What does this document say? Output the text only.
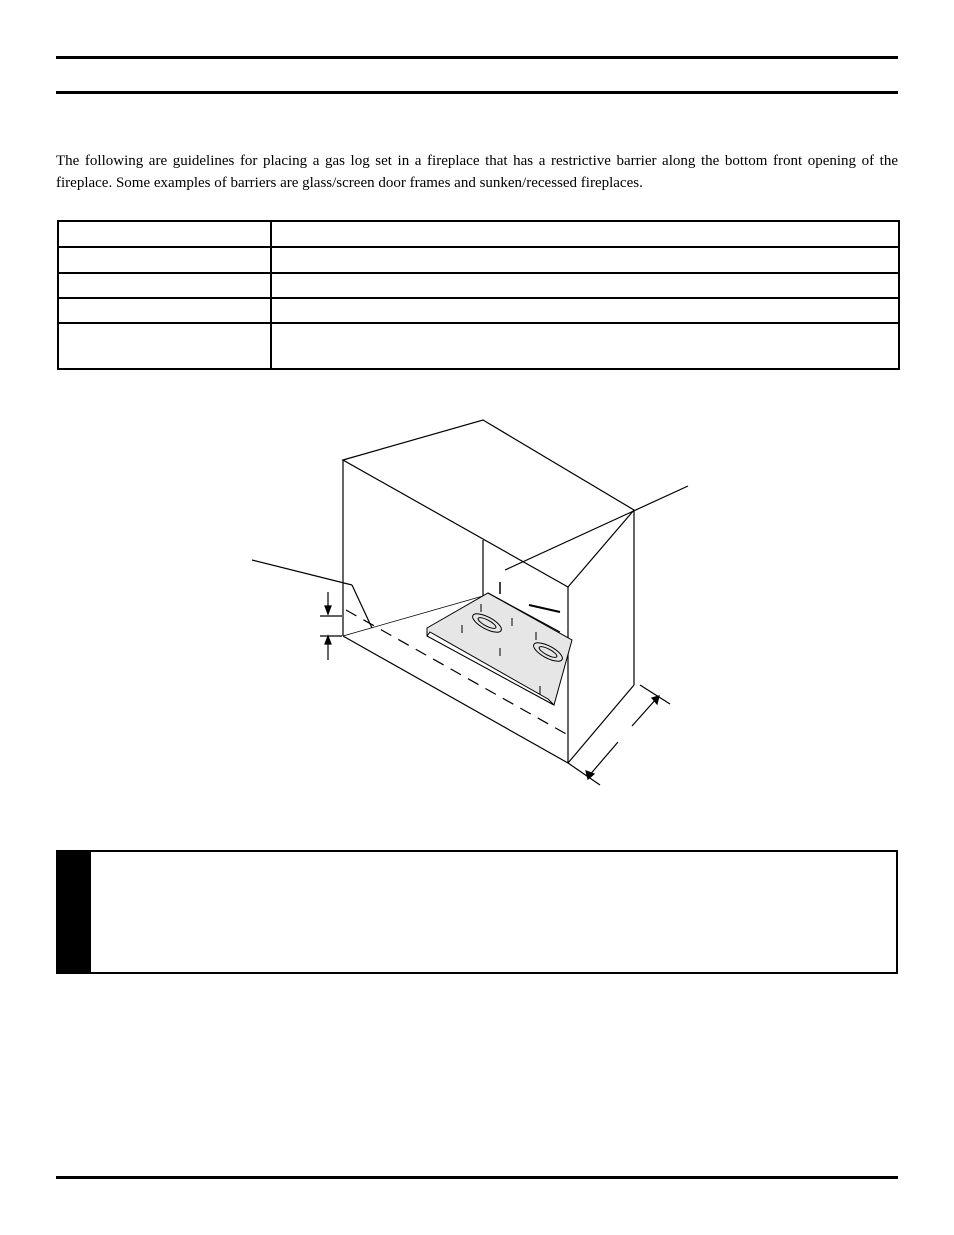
The following are guidelines for placing a gas log set in a fireplace that has a restrictive barrier along the bottom front opening of the fireplace. Some examples of barriers are glass/screen door frames and sunken/recessed fireplaces.
